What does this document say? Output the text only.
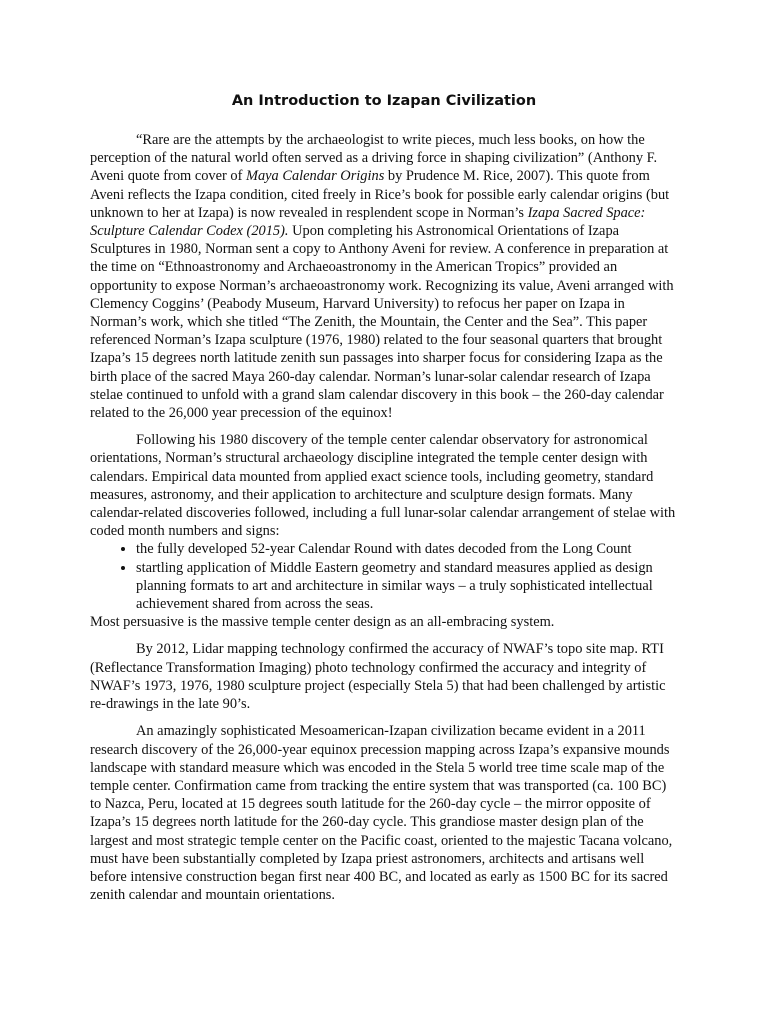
An Introduction to Izapan Civilization

“Rare are the attempts by the archaeologist to write pieces, much less books, on how the perception of the natural world often served as a driving force in shaping civilization” (Anthony F. Aveni quote from cover of Maya Calendar Origins by Prudence M. Rice, 2007). This quote from Aveni reflects the Izapa condition, cited freely in Rice’s book for possible early calendar origins (but unknown to her at Izapa) is now revealed in resplendent scope in Norman’s Izapa Sacred Space: Sculpture Calendar Codex (2015). Upon completing his Astronomical Orientations of Izapa Sculptures in 1980, Norman sent a copy to Anthony Aveni for review. A conference in preparation at the time on “Ethnoastronomy and Archaeoastronomy in the American Tropics” provided an opportunity to expose Norman’s archaeoastronomy work. Recognizing its value, Aveni arranged with Clemency Coggins’ (Peabody Museum, Harvard University) to refocus her paper on Izapa in Norman’s work, which she titled “The Zenith, the Mountain, the Center and the Sea”. This paper referenced Norman’s Izapa sculpture (1976, 1980) related to the four seasonal quarters that brought Izapa’s 15 degrees north latitude zenith sun passages into sharper focus for considering Izapa as the birth place of the sacred Maya 260-day calendar. Norman’s lunar-solar calendar research of Izapa stelae continued to unfold with a grand slam calendar discovery in this book – the 260-day calendar related to the 26,000 year precession of the equinox!

Following his 1980 discovery of the temple center calendar observatory for astronomical orientations, Norman’s structural archaeology discipline integrated the temple center design with calendars. Empirical data mounted from applied exact science tools, including geometry, standard measures, astronomy, and their application to architecture and sculpture design formats. Many calendar-related discoveries followed, including a full lunar-solar calendar arrangement of stelae with coded month numbers and signs:

• the fully developed 52-year Calendar Round with dates decoded from the Long Count
• startling application of Middle Eastern geometry and standard measures applied as design planning formats to art and architecture in similar ways – a truly sophisticated intellectual achievement shared from across the seas.

Most persuasive is the massive temple center design as an all-embracing system.

By 2012, Lidar mapping technology confirmed the accuracy of NWAF’s topo site map. RTI (Reflectance Transformation Imaging) photo technology confirmed the accuracy and integrity of NWAF’s 1973, 1976, 1980 sculpture project (especially Stela 5) that had been challenged by artistic re-drawings in the late 90’s.

An amazingly sophisticated Mesoamerican-Izapan civilization became evident in a 2011 research discovery of the 26,000-year equinox precession mapping across Izapa’s expansive mounds landscape with standard measure which was encoded in the Stela 5 world tree time scale map of the temple center. Confirmation came from tracking the entire system that was transported (ca. 100 BC) to Nazca, Peru, located at 15 degrees south latitude for the 260-day cycle – the mirror opposite of Izapa’s 15 degrees north latitude for the 260-day cycle. This grandiose master design plan of the largest and most strategic temple center on the Pacific coast, oriented to the majestic Tacana volcano, must have been substantially completed by Izapa priest astronomers, architects and artisans well before intensive construction began first near 400 BC, and located as early as 1500 BC for its sacred zenith calendar and mountain orientations.
